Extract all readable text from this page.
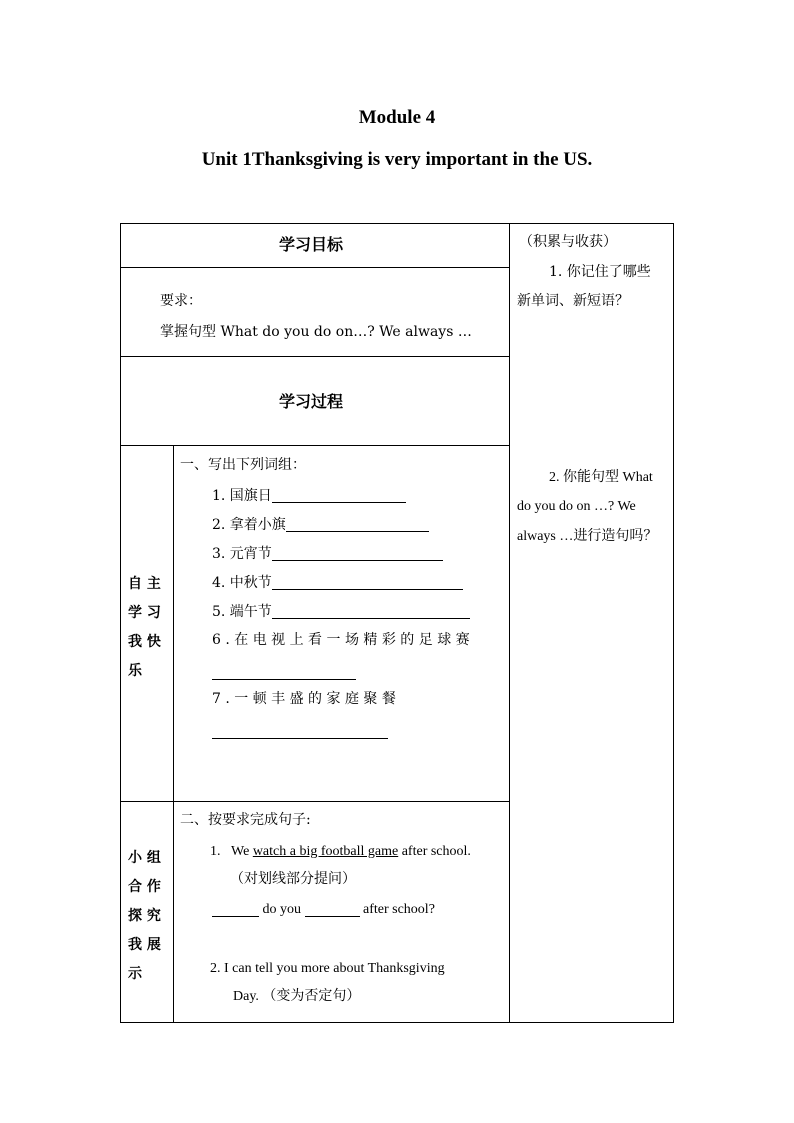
Module 4
Unit 1Thanksgiving is very important in the US.
学习目标
要求：
掌握句型 What do you do on…? We always …
学习过程
自 主
学 习
我 快
乐
一、写出下列词组：
1. 国旗日
2. 拿着小旗
3. 元宵节
4. 中秋节
5. 端午节
6 . 在 电 视 上 看 一 场 精 彩 的 足 球 赛
7 . 一 顿 丰 盛 的 家 庭 聚 餐
小 组
合 作
探 究
我 展
示
二、按要求完成句子:
1. We watch a big football game after school.
（对划线部分提问）
do you	after school?
2. I can tell you more about Thanksgiving
Day. （变为否定句）
（积累与收获）
1. 你记住了哪些
新单词、新短语？
2. 你能句型 What
do you do on …? We
always …进行造句吗？
